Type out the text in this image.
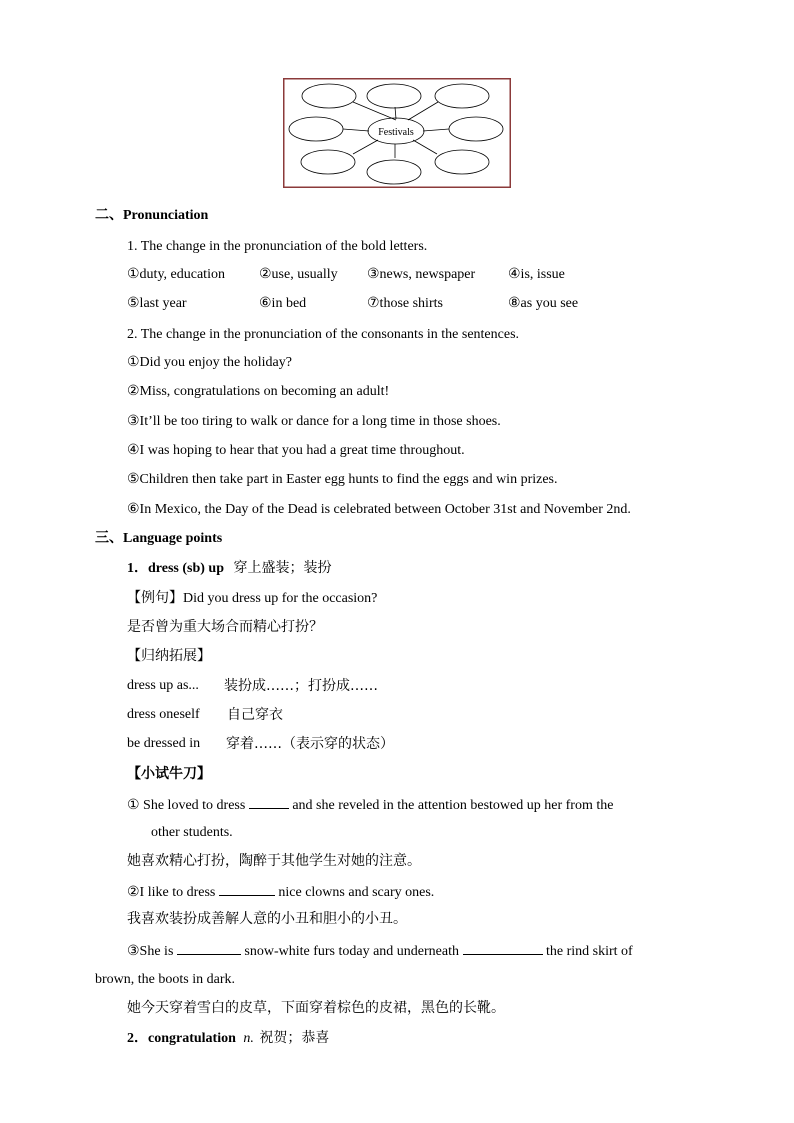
Festivals
二、Pronunciation
1. The change in the pronunciation of the bold letters.
①duty, education ②use, usually ③news, newspaper ④is, issue
⑤last year	⑥in bed	⑦those shirts	⑧as you see
2. The change in the pronunciation of the consonants in the sentences.
①Did you enjoy the holiday?
②Miss, congratulations on becoming an adult!
③It’ll be too tiring to walk or dance for a long time in those shoes.
④I was hoping to hear that you had a great time throughout.
⑤Children then take part in Easter egg hunts to find the eggs and win prizes.
⑥In Mexico, the Day of the Dead is celebrated between October 31st and November 2nd.
三、Language points
1．dress (sb) up 穿上盛装；装扮
【例句】Did you dress up for the occasion?
是否曾为重大场合而精心打扮？
【归纳拓展】
dress up as... 装扮成……；打扮成……
dress oneself 自己穿衣
be dressed in 穿着……（表示穿的状态）
【小试牛刀】
① She loved to dress	and she reveled in the attention bestowed up her from the
other students.
她喜欢精心打扮，陶醉于其他学生对她的注意。
②I like to dress	nice clowns and scary ones.
我喜欢装扮成善解人意的小丑和胆小的小丑。
③She is	snow-white furs today and underneath	the rind skirt of
brown, the boots in dark.
她今天穿着雪白的皮草，下面穿着棕色的皮裙，黑色的长靴。
2．congratulation n. 祝贺；恭喜
